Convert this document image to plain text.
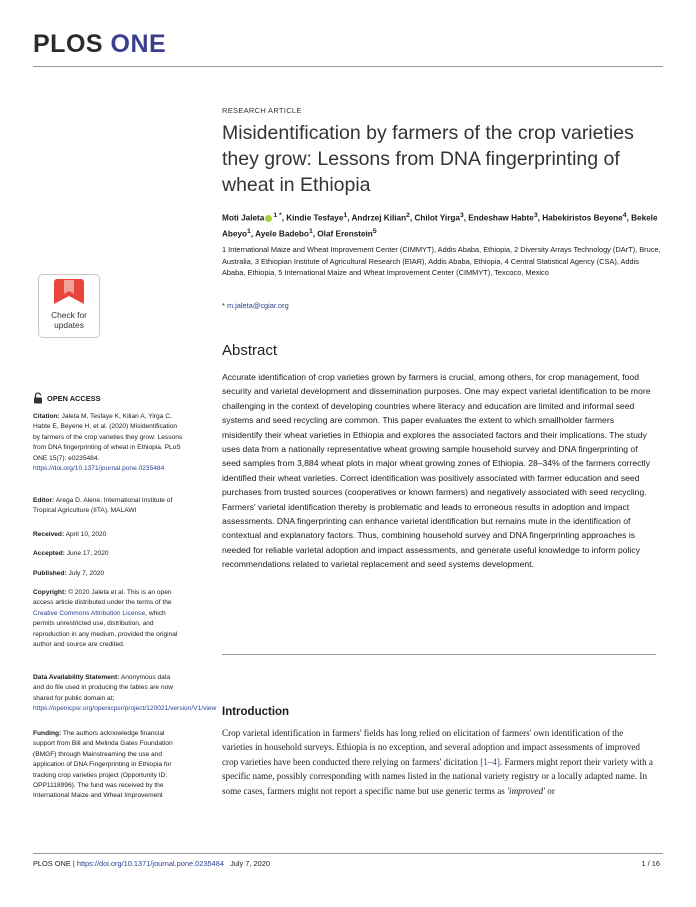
PLOS ONE
RESEARCH ARTICLE
Misidentification by farmers of the crop varieties they grow: Lessons from DNA fingerprinting of wheat in Ethiopia
Moti Jaleta $^{1 *}$, Kindie Tesfaye$^1$, Andrzej Kilian$^2$, Chilot Yirga$^3$, Endeshaw Habte$^3$, Habekiristos Beyene$^4$, Bekele Abeyo$^1$, Ayele Badebo$^1$, Olaf Erenstein$^5$
1 International Maize and Wheat Improvement Center (CIMMYT), Addis Ababa, Ethiopia, 2 Diversity Arrays Technology (DArT), Bruce, Australia, 3 Ethiopian Institute of Agricultural Research (EIAR), Addis Ababa, Ethiopia, 4 Central Statistical Agency (CSA), Addis Ababa, Ethiopia, 5 International Maize and Wheat Improvement Center (CIMMYT), Texcoco, Mexico
* m.jaleta@cgiar.org
Check for
updates
OPEN ACCESS
Citation: Jaleta M, Tesfaye K, Kilian A, Yirga C, Habte E, Beyene H, et al. (2020) Misidentification by farmers of the crop varieties they grow: Lessons from DNA fingerprinting of wheat in Ethiopia. PLoS ONE 15(7): e0235484. https://doi.org/10.1371/journal.pone.0235484
Editor: Arega D. Alene, International Institute of Tropical Agriculture (IITA), MALAWI
Received: April 10, 2020
Accepted: June 17, 2020
Published: July 7, 2020
Copyright: © 2020 Jaleta et al. This is an open access article distributed under the terms of the Creative Commons Attribution License, which permits unrestricted use, distribution, and reproduction in any medium, provided the original author and source are credited.
Data Availability Statement: Anonymous data and do file used in producing the tables are now shared for public domain at; https://openicpsr.org/openicpsr/project/120021/version/V1/view
Funding: The authors acknowledge financial support from Bill and Melinda Gates Foundation (BMGF) through Mainstreaming the use and application of DNA Fingerprinting in Ethiopia for tracking crop varieties project (Opportunity ID: OPP1118996). The fund was received by the International Maize and Wheat Improvement
Abstract
Accurate identification of crop varieties grown by farmers is crucial, among others, for crop management, food security and varietal development and dissemination purposes. One may expect varietal identification to be more challenging in the context of developing countries where literacy and education are limited and informal seed systems and seed recycling are common. This paper evaluates the extent to which smallholder farmers misidentify their wheat varieties in Ethiopia and explores the associated factors and their implications. The study uses data from a nationally representative wheat growing sample household survey and DNA fingerprinting of seed samples from 3,884 wheat plots in major wheat growing zones of Ethiopia. 28–34% of the farmers correctly identified their wheat varieties. Correct identification was positively associated with farmer education and seed purchases from trusted sources (cooperatives or known farmers) and negatively associated with seed recycling. Farmers' varietal identification thereby is problematic and leads to erroneous results in adoption and impact assessments. DNA fingerprinting can enhance varietal identification but remains mute in the identification of contextual and explanatory factors. Thus, combining household survey and DNA fingerprinting approaches is needed for reliable varietal adoption and impact assessments, and generate useful knowledge to inform policy recommendations related to varietal replacement and seed systems development.
Introduction
Crop varietal identification in farmers' fields has long relied on elicitation of farmers' own identification of the varieties in household surveys. Ethiopia is no exception, and several adoption and impact assessments of improved crop varieties have been conducted there relying on farmers' dicitation [1–4]. Farmers might report their variety with a specific name, possibly corresponding with names listed in the national variety registry or a locally adapted name. In some cases, farmers might not report a specific name but use generic terms as 'improved' or
PLOS ONE | https://doi.org/10.1371/journal.pone.0235484 July 7, 2020	1 / 16
